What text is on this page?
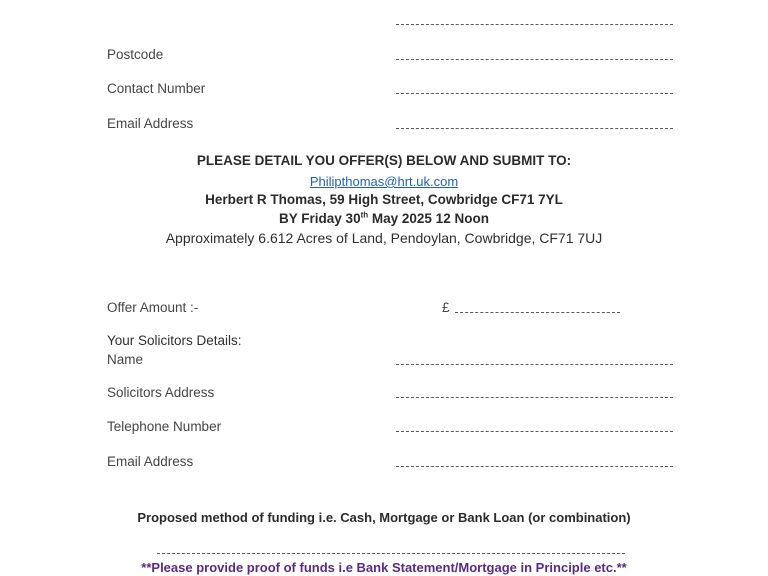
Postcode
Contact Number
Email Address
PLEASE DETAIL YOU OFFER(S) BELOW AND SUBMIT TO:
Philipthomas@hrt.uk.com
Herbert R Thomas, 59 High Street, Cowbridge CF71 7YL
BY Friday 30th May 2025 12 Noon
Approximately 6.612 Acres of Land, Pendoylan, Cowbridge, CF71 7UJ
Offer Amount :-	£
Your Solicitors Details:
Name
Solicitors Address
Telephone Number
Email Address
Proposed method of funding i.e. Cash, Mortgage or Bank Loan (or combination)
**Please provide proof of funds i.e Bank Statement/Mortgage in Principle etc.**
